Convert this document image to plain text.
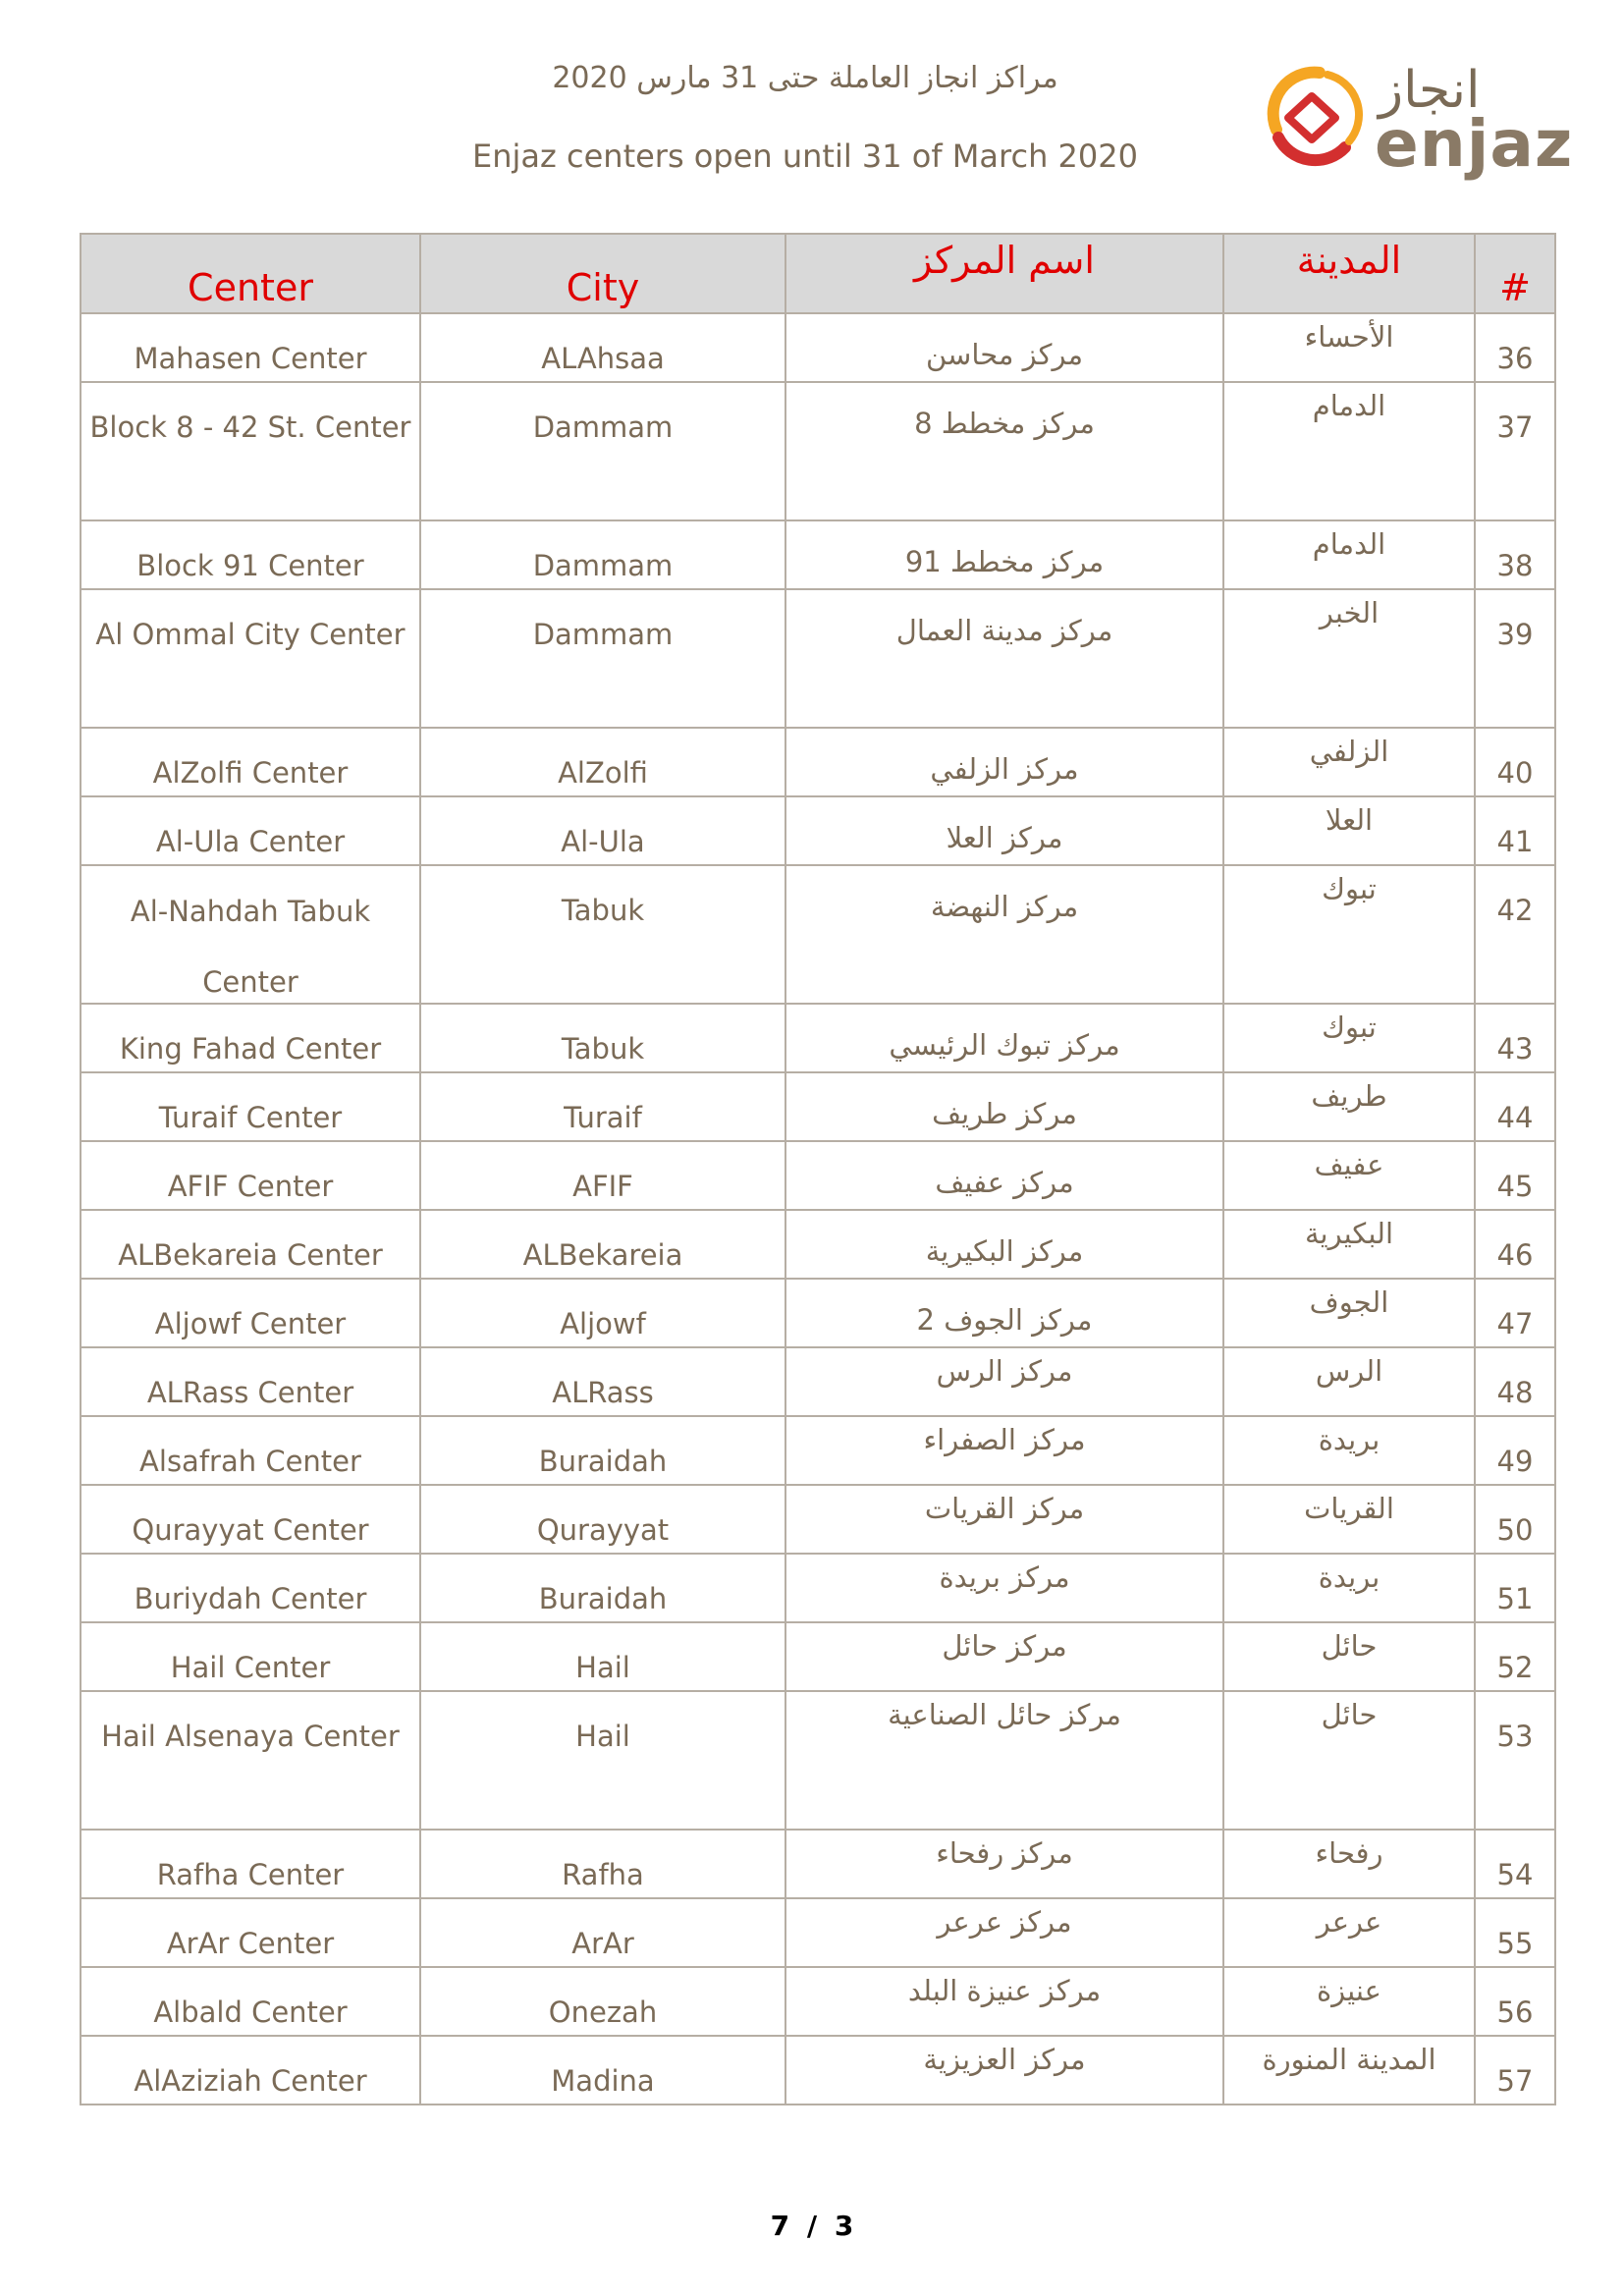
مراكز انجاز العاملة حتى 31 مارس 2020
Enjaz centers open until 31 of March 2020
انجاز
enjaz
Center	City	اسم المركز	المدينة	#

Mahasen Center	ALAhsaa	مركز محاسن	الأحساء	36

Block 8 - 42 St. Center	Dammam	مركز مخطط 8	الدمام	37

Block 91 Center	Dammam	مركز مخطط 91	الدمام	38

Al Ommal City Center	Dammam	مركز مدينة العمال	الخبر	39

AlZolfi Center	AlZolfi	مركز الزلفي	الزلفي	40

Al-Ula Center	Al-Ula	مركز العلا	العلا	41

Al-Nahdah Tabuk Center	Tabuk	مركز النهضة	تبوك	42

King Fahad Center	Tabuk	مركز تبوك الرئيسي	تبوك	43

Turaif Center	Turaif	مركز طريف	طريف	44

AFIF Center	AFIF	مركز عفيف	عفيف	45

ALBekareia Center	ALBekareia	مركز البكيرية	البكيرية	46

Aljowf Center	Aljowf	مركز الجوف 2	الجوف	47

ALRass Center	ALRass	مركز الرس	الرس	48

Alsafrah Center	Buraidah	مركز الصفراء	بريدة	49

Qurayyat Center	Qurayyat	مركز القريات	القريات	50

Buriydah Center	Buraidah	مركز بريدة	بريدة	51

Hail Center	Hail	مركز حائل	حائل	52

Hail Alsenaya Center	Hail	مركز حائل الصناعية	حائل	53

Rafha Center	Rafha	مركز رفحاء	رفحاء	54

ArAr Center	ArAr	مركز عرعر	عرعر	55

Albald Center	Onezah	مركز عنيزة البلد	عنيزة	56

AlAziziah Center	Madina	مركز العزيزية	المدينة المنورة	57
7 / 3
